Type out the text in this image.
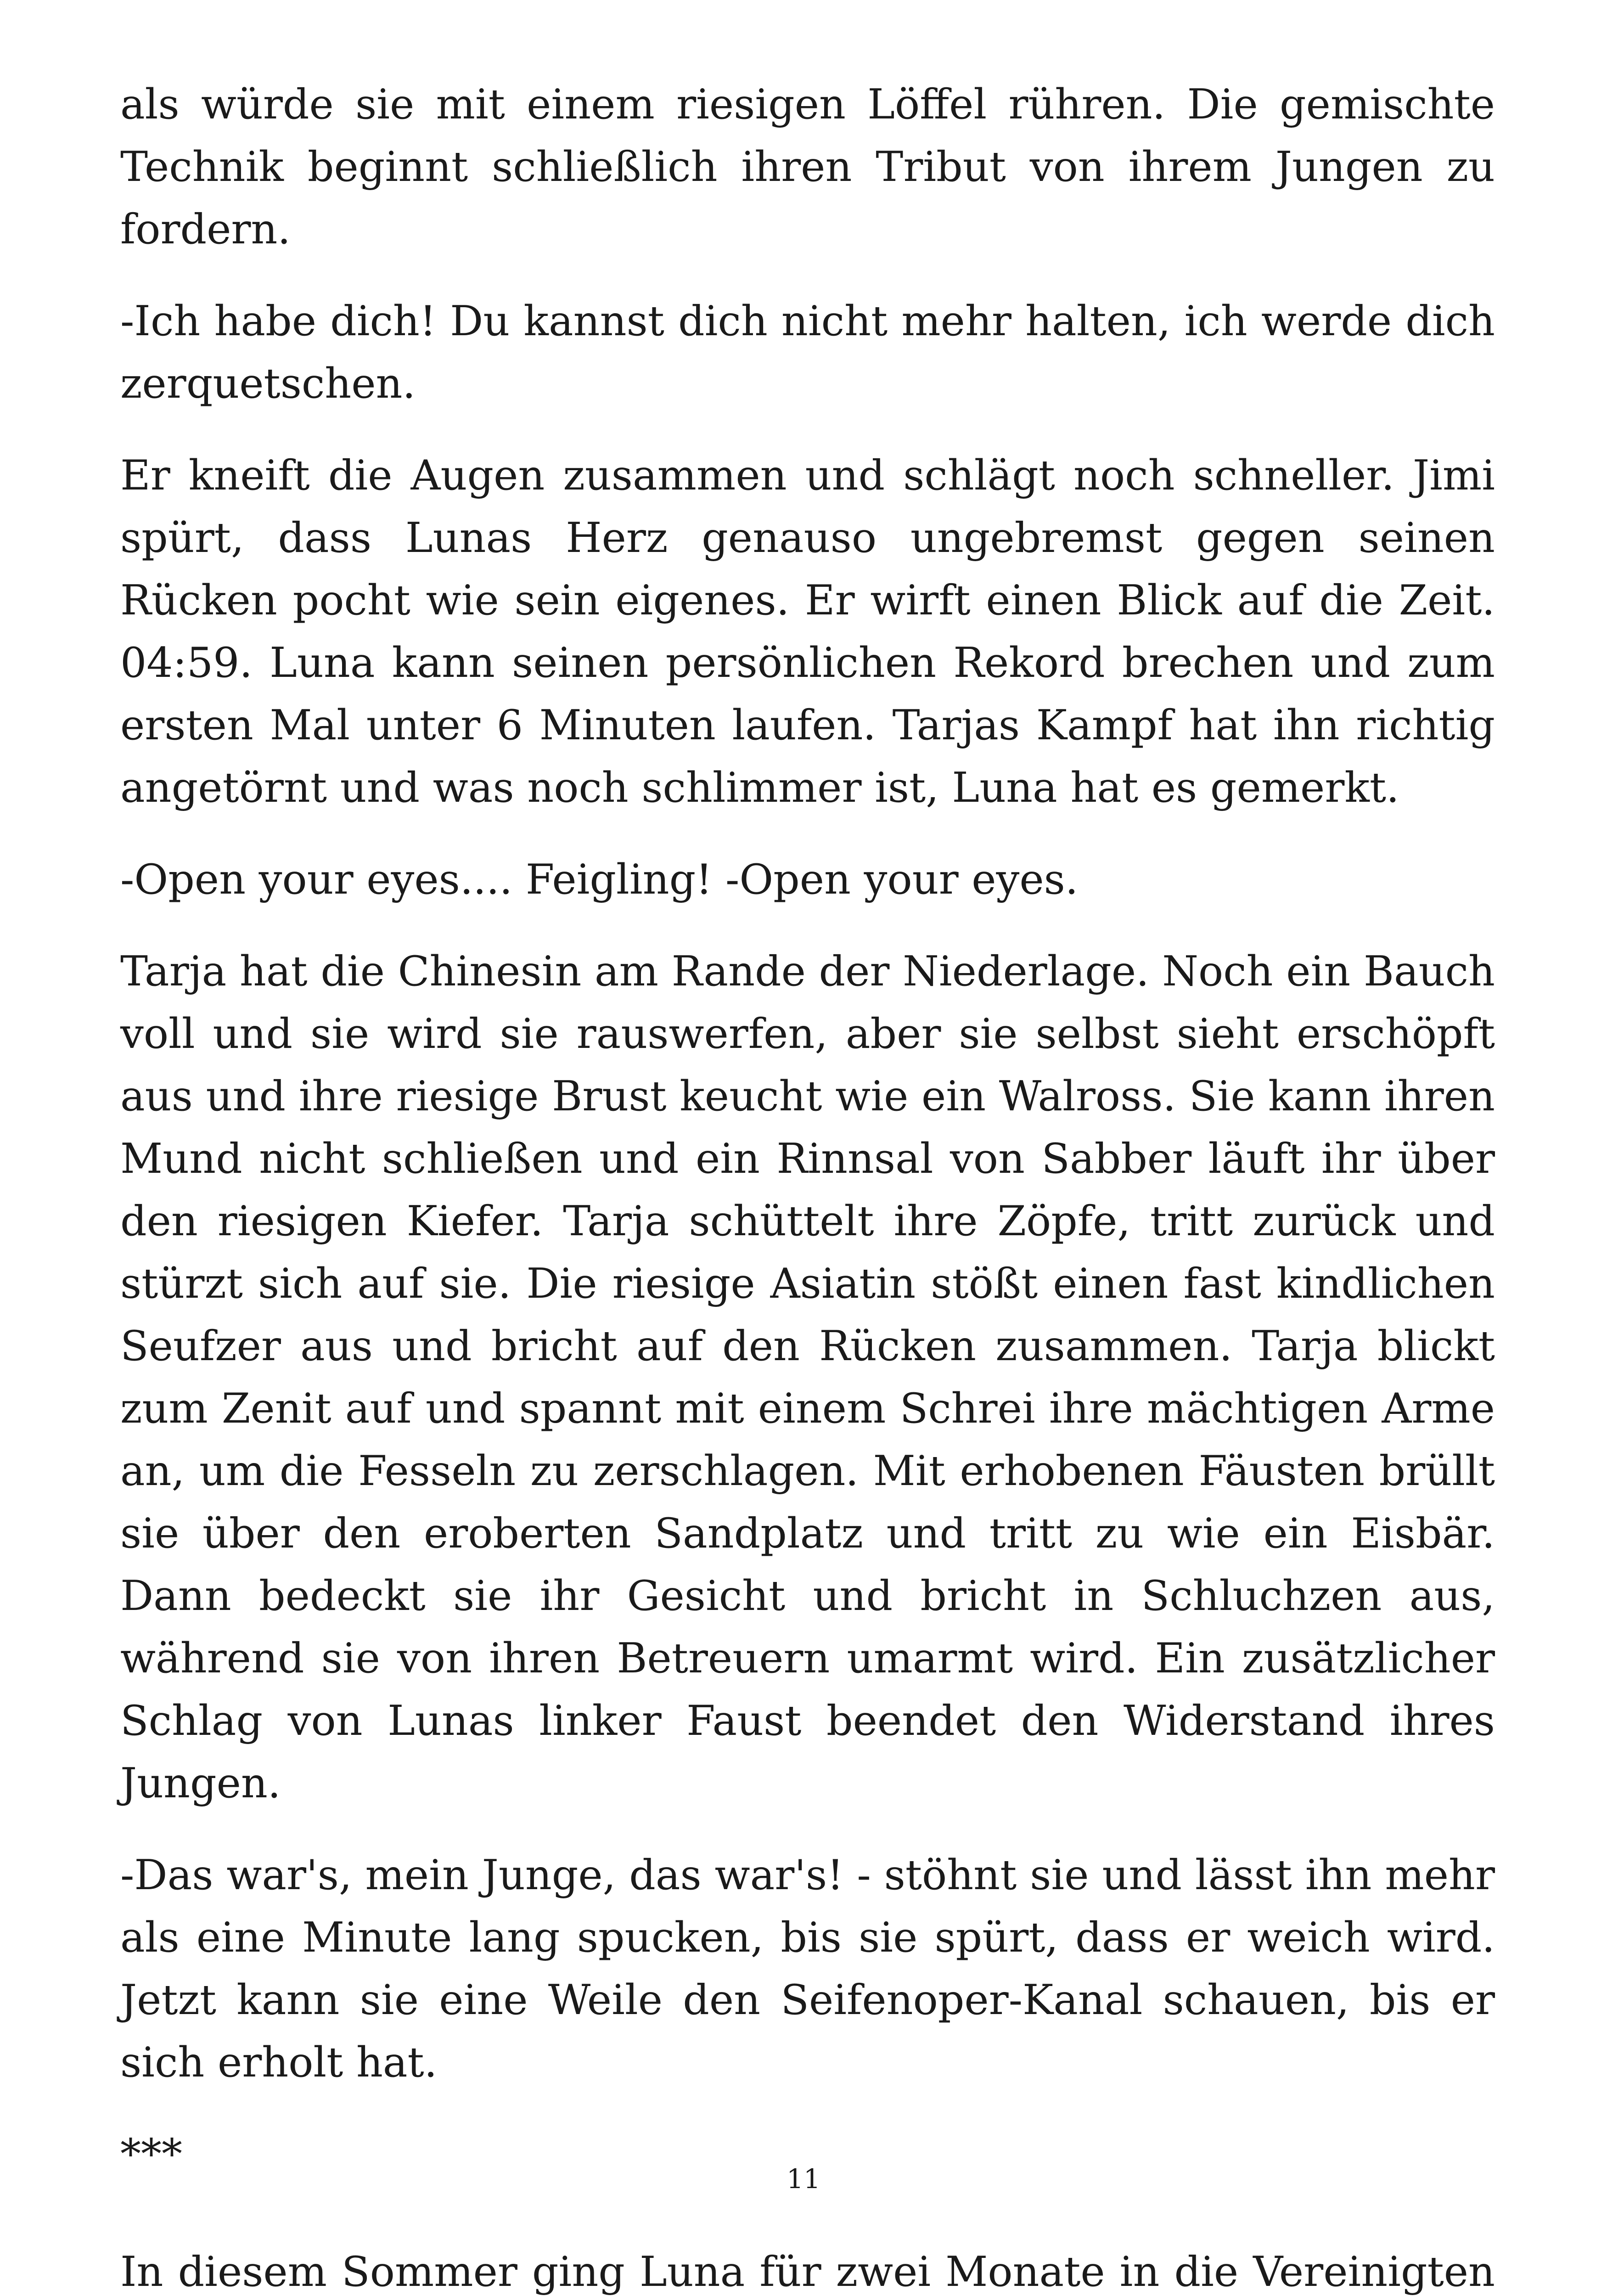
als würde sie mit einem riesigen Löffel rühren. Die gemischte Technik beginnt schließlich ihren Tribut von ihrem Jungen zu fordern.

-Ich habe dich! Du kannst dich nicht mehr halten, ich werde dich zerquetschen.

Er kneift die Augen zusammen und schlägt noch schneller. Jimi spürt, dass Lunas Herz genauso ungebremst gegen seinen Rücken pocht wie sein eigenes. Er wirft einen Blick auf die Zeit. 04:59. Luna kann seinen persönlichen Rekord brechen und zum ersten Mal unter 6 Minuten laufen. Tarjas Kampf hat ihn richtig angetörnt und was noch schlimmer ist, Luna hat es gemerkt.

-Open your eyes.... Feigling! -Open your eyes.

Tarja hat die Chinesin am Rande der Niederlage. Noch ein Bauch voll und sie wird sie rauswerfen, aber sie selbst sieht erschöpft aus und ihre riesige Brust keucht wie ein Walross. Sie kann ihren Mund nicht schließen und ein Rinnsal von Sabber läuft ihr über den riesigen Kiefer. Tarja schüttelt ihre Zöpfe, tritt zurück und stürzt sich auf sie. Die riesige Asiatin stößt einen fast kindlichen Seufzer aus und bricht auf den Rücken zusammen. Tarja blickt zum Zenit auf und spannt mit einem Schrei ihre mächtigen Arme an, um die Fesseln zu zerschlagen. Mit erhobenen Fäusten brüllt sie über den eroberten Sandplatz und tritt zu wie ein Eisbär. Dann bedeckt sie ihr Gesicht und bricht in Schluchzen aus, während sie von ihren Betreuern umarmt wird. Ein zusätzlicher Schlag von Lunas linker Faust beendet den Widerstand ihres Jungen.

-Das war's, mein Junge, das war's! - stöhnt sie und lässt ihn mehr als eine Minute lang spucken, bis sie spürt, dass er weich wird. Jetzt kann sie eine Weile den Seifenoper-Kanal schauen, bis er sich erholt hat.

***

In diesem Sommer ging Luna für zwei Monate in die Vereinigten

11
